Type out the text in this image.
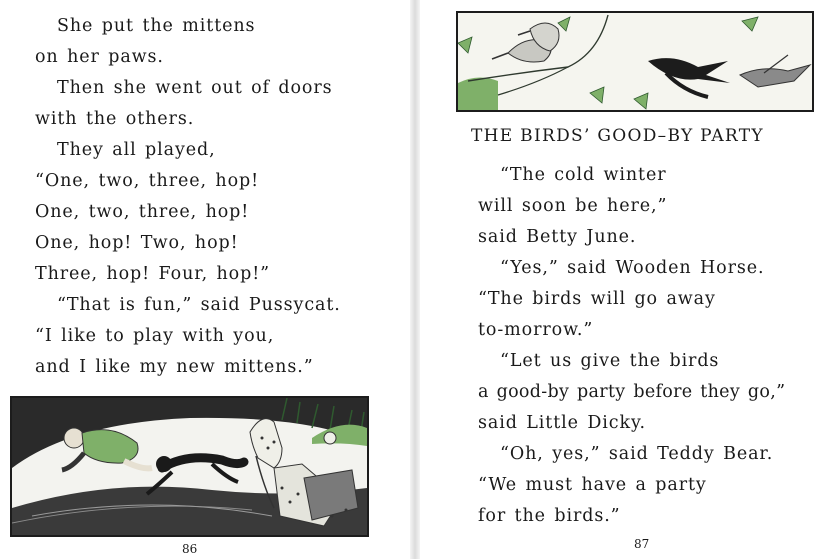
She put the mittens
on her paws.
Then she went out of doors
with the others.
They all played,
“One, two, three, hop!
One, two, three, hop!
One, hop! Two, hop!
Three, hop! Four, hop!”
“That is fun,” said Pussycat.
“I like to play with you,
and I like my new mittens.”
86
THE BIRDS’ GOOD–BY PARTY
“The cold winter
will soon be here,”
said Betty June.
“Yes,” said Wooden Horse.
“The birds will go away
to-morrow.”
“Let us give the birds
a good-by party before they go,”
said Little Dicky.
“Oh, yes,” said Teddy Bear.
“We must have a party
for the birds.”
87
